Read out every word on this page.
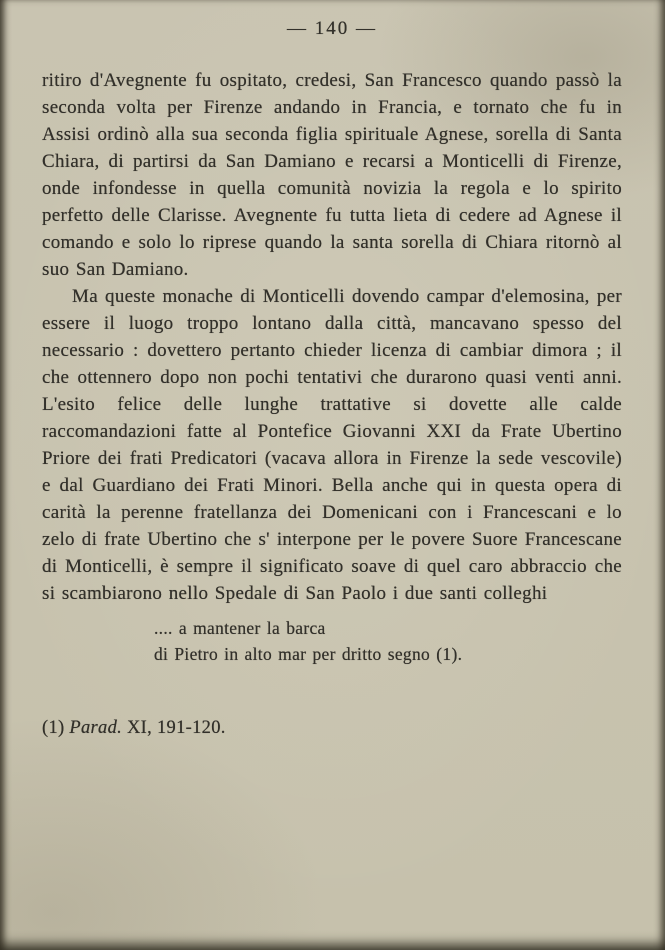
— 140 —

ritiro d'Avegnente fu ospitato, credesi, San Francesco quando passò la seconda volta per Firenze andando in Francia, e tornato che fu in Assisi ordinò alla sua seconda figlia spirituale Agnese, sorella di Santa Chiara, di partirsi da San Damiano e recarsi a Monticelli di Firenze, onde infondesse in quella comunità novizia la regola e lo spirito perfetto delle Clarisse. Avegnente fu tutta lieta di cedere ad Agnese il comando e solo lo riprese quando la santa sorella di Chiara ritornò al suo San Damiano.

Ma queste monache di Monticelli dovendo campar d'elemosina, per essere il luogo troppo lontano dalla città, mancavano spesso del necessario : dovettero pertanto chieder licenza di cambiar dimora ; il che ottennero dopo non pochi tentativi che durarono quasi venti anni. L'esito felice delle lunghe trattative si dovette alle calde raccomandazioni fatte al Pontefice Giovanni XXI da Frate Ubertino Priore dei frati Predicatori (vacava allora in Firenze la sede vescovile) e dal Guardiano dei Frati Minori. Bella anche qui in questa opera di carità la perenne fratellanza dei Domenicani con i Francescani e lo zelo di frate Ubertino che s' interpone per le povere Suore Francescane di Monticelli, è sempre il significato soave di quel caro abbraccio che si scambiarono nello Spedale di San Paolo i due santi colleghi

.... a mantener la barca
di Pietro in alto mar per dritto segno (1).
(1) Parad. XI, 191-120.
